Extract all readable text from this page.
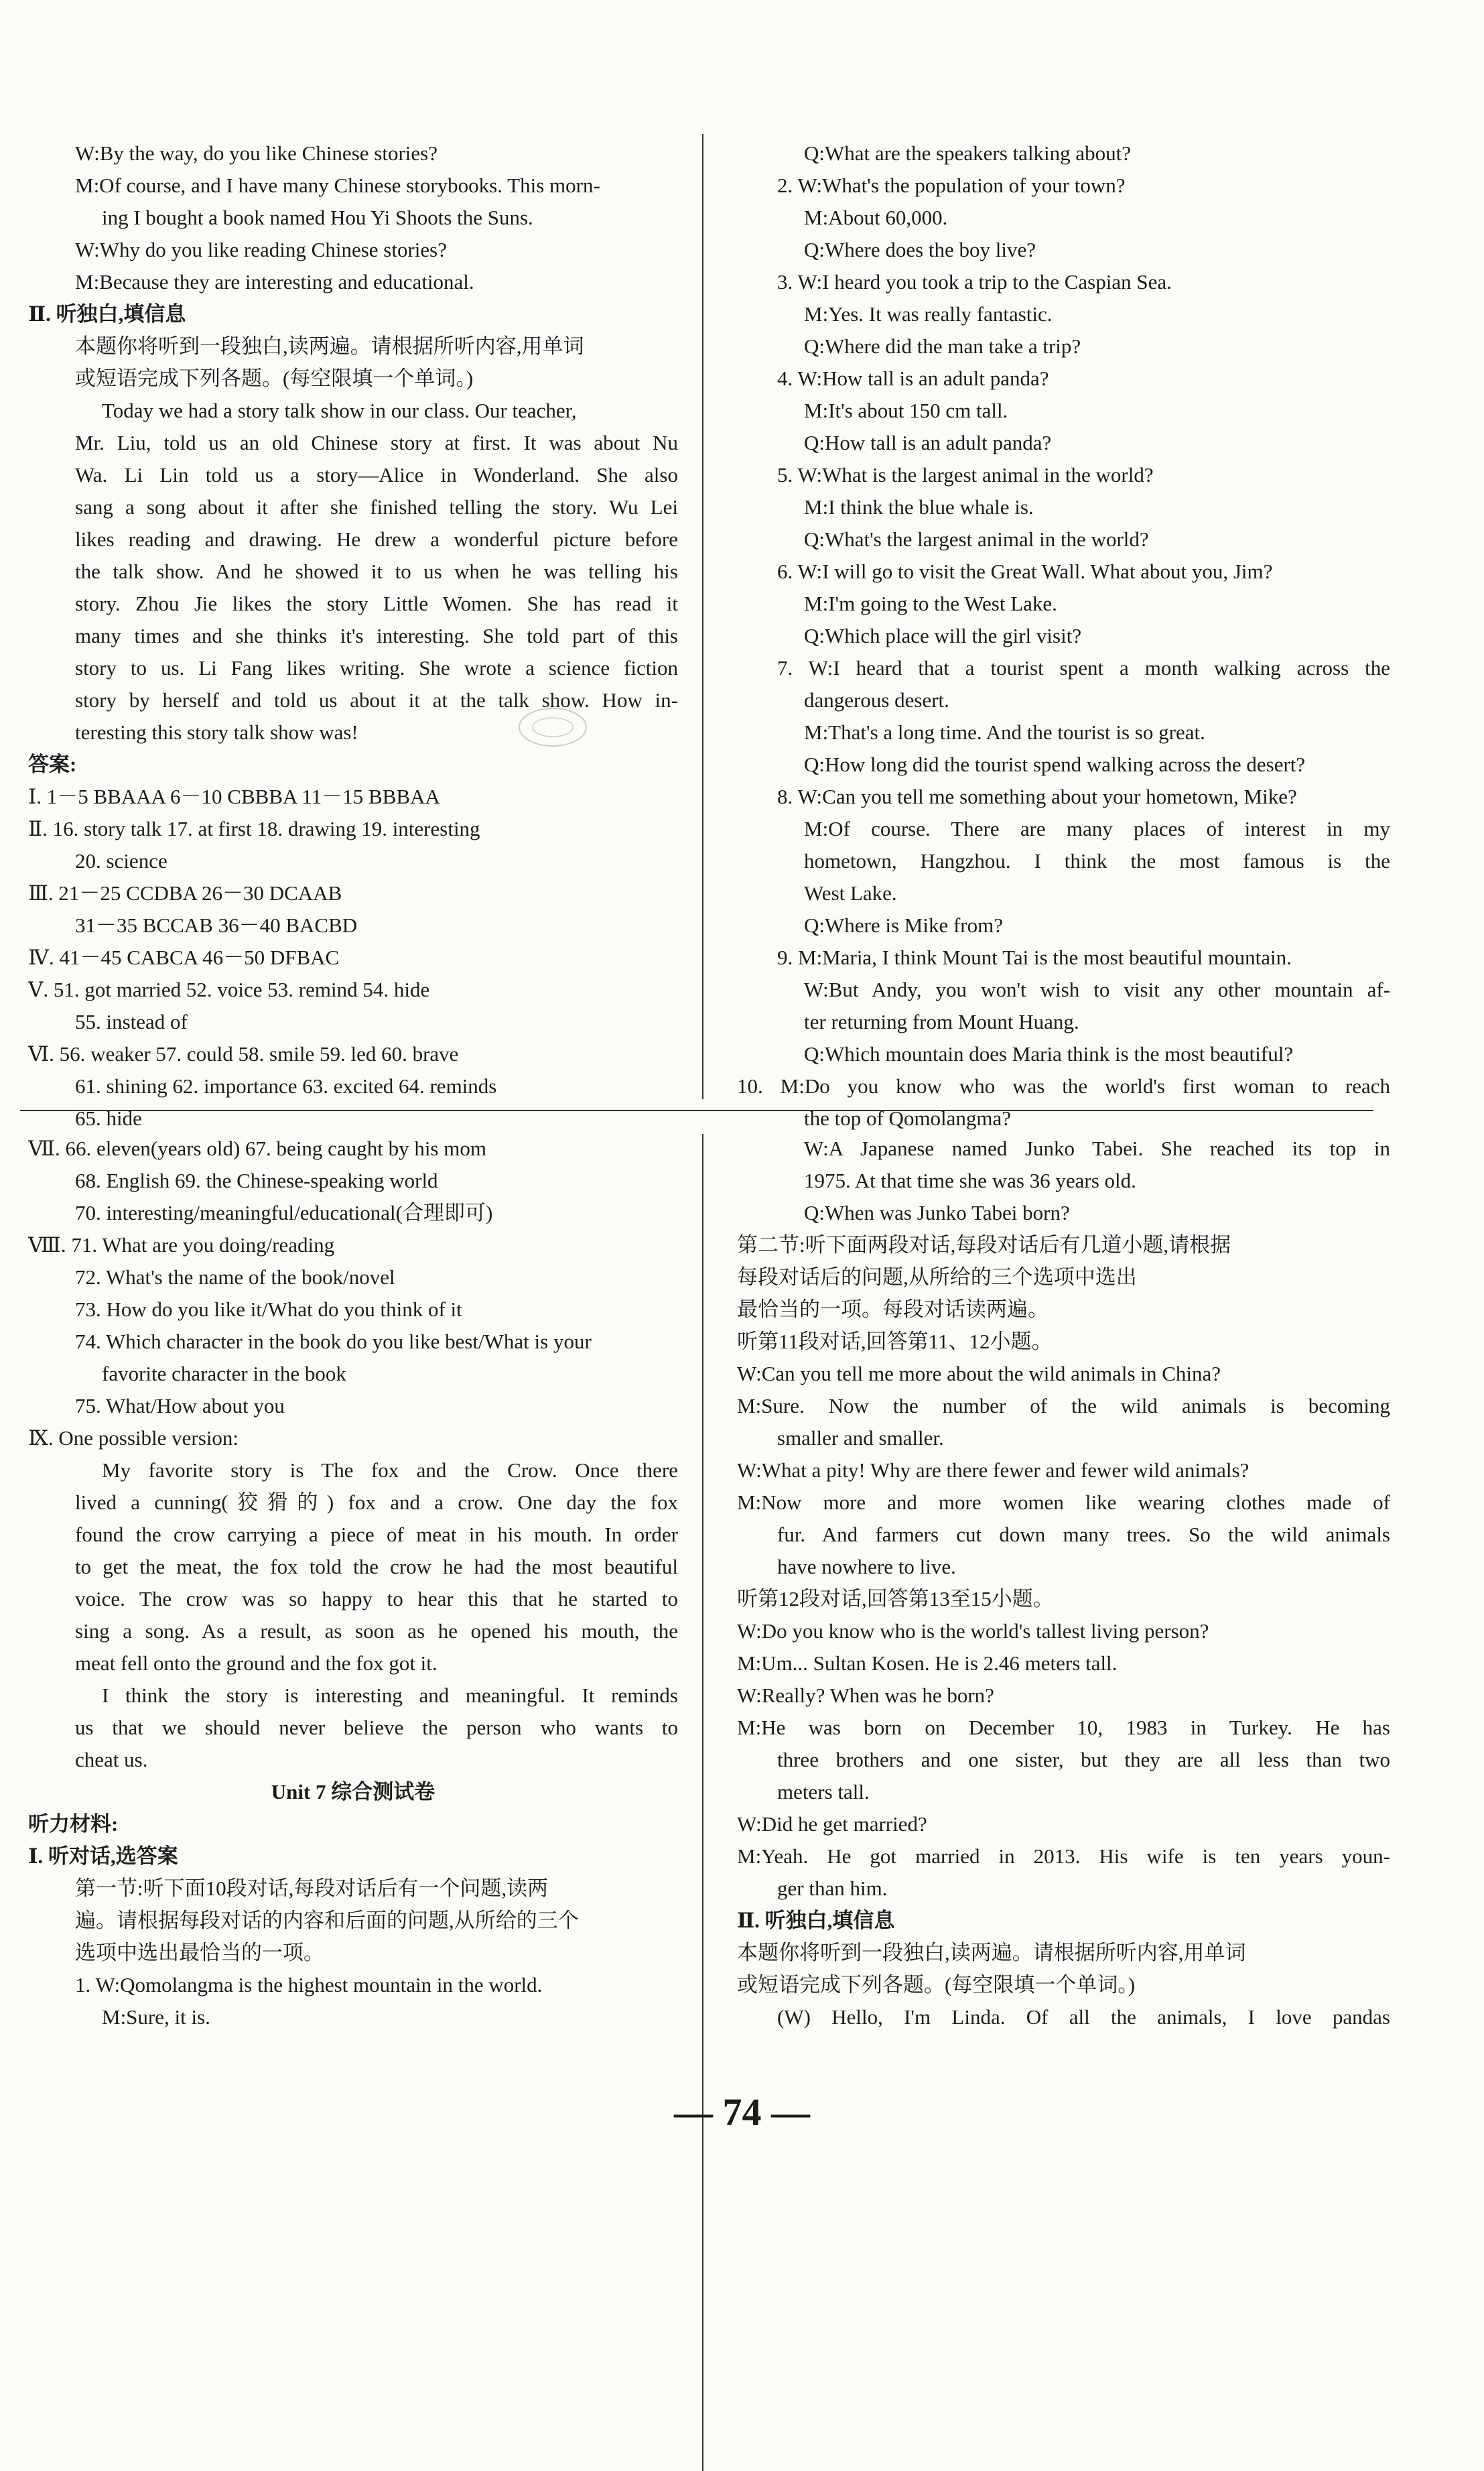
W:By the way, do you like Chinese stories?
M:Of course, and I have many Chinese storybooks. This morn-
ing I bought a book named Hou Yi Shoots the Suns.
W:Why do you like reading Chinese stories?
M:Because they are interesting and educational.
Ⅱ. 听独白,填信息
本题你将听到一段独白,读两遍。请根据所听内容,用单词
或短语完成下列各题。(每空限填一个单词。)
Today we had a story talk show in our class. Our teacher,
Mr. Liu, told us an old Chinese story at first. It was about Nu
Wa. Li Lin told us a story—Alice in Wonderland. She also
sang a song about it after she finished telling the story. Wu Lei
likes reading and drawing. He drew a wonderful picture before
the talk show. And he showed it to us when he was telling his
story. Zhou Jie likes the story Little Women. She has read it
many times and she thinks it's interesting. She told part of this
story to us. Li Fang likes writing. She wrote a science fiction
story by herself and told us about it at the talk show. How in-
teresting this story talk show was!
答案:
Ⅰ. 1－5 BBAAA 6－10 CBBBA 11－15 BBBAA
Ⅱ. 16. story talk 17. at first 18. drawing 19. interesting
20. science
Ⅲ. 21－25 CCDBA 26－30 DCAAB
31－35 BCCAB 36－40 BACBD
Ⅳ. 41－45 CABCA 46－50 DFBAC
Ⅴ. 51. got married 52. voice 53. remind 54. hide
55. instead of
Ⅵ. 56. weaker 57. could 58. smile 59. led 60. brave
61. shining 62. importance 63. excited 64. reminds
65. hide
Ⅶ. 66. eleven(years old) 67. being caught by his mom
68. English 69. the Chinese-speaking world
70. interesting/meaningful/educational(合理即可)
Ⅷ. 71. What are you doing/reading
72. What's the name of the book/novel
73. How do you like it/What do you think of it
74. Which character in the book do you like best/What is your
favorite character in the book
75. What/How about you
Ⅸ. One possible version:
My favorite story is The fox and the Crow. Once there
lived a cunning(狡猾的) fox and a crow. One day the fox
found the crow carrying a piece of meat in his mouth. In order
to get the meat, the fox told the crow he had the most beautiful
voice. The crow was so happy to hear this that he started to
sing a song. As a result, as soon as he opened his mouth, the
meat fell onto the ground and the fox got it.
I think the story is interesting and meaningful. It reminds
us that we should never believe the person who wants to
cheat us.
Unit 7 综合测试卷
听力材料:
Ⅰ. 听对话,选答案
第一节:听下面10段对话,每段对话后有一个问题,读两
遍。请根据每段对话的内容和后面的问题,从所给的三个
选项中选出最恰当的一项。
1. W:Qomolangma is the highest mountain in the world.
M:Sure, it is.
Q:What are the speakers talking about?
2. W:What's the population of your town?
M:About 60,000.
Q:Where does the boy live?
3. W:I heard you took a trip to the Caspian Sea.
M:Yes. It was really fantastic.
Q:Where did the man take a trip?
4. W:How tall is an adult panda?
M:It's about 150 cm tall.
Q:How tall is an adult panda?
5. W:What is the largest animal in the world?
M:I think the blue whale is.
Q:What's the largest animal in the world?
6. W:I will go to visit the Great Wall. What about you, Jim?
M:I'm going to the West Lake.
Q:Which place will the girl visit?
7. W:I heard that a tourist spent a month walking across the
dangerous desert.
M:That's a long time. And the tourist is so great.
Q:How long did the tourist spend walking across the desert?
8. W:Can you tell me something about your hometown, Mike?
M:Of course. There are many places of interest in my
hometown, Hangzhou. I think the most famous is the
West Lake.
Q:Where is Mike from?
9. M:Maria, I think Mount Tai is the most beautiful mountain.
W:But Andy, you won't wish to visit any other mountain af-
ter returning from Mount Huang.
Q:Which mountain does Maria think is the most beautiful?
10. M:Do you know who was the world's first woman to reach
the top of Qomolangma?
W:A Japanese named Junko Tabei. She reached its top in
1975. At that time she was 36 years old.
Q:When was Junko Tabei born?
第二节:听下面两段对话,每段对话后有几道小题,请根据
每段对话后的问题,从所给的三个选项中选出
最恰当的一项。每段对话读两遍。
听第11段对话,回答第11、12小题。
W:Can you tell me more about the wild animals in China?
M:Sure. Now the number of the wild animals is becoming
smaller and smaller.
W:What a pity! Why are there fewer and fewer wild animals?
M:Now more and more women like wearing clothes made of
fur. And farmers cut down many trees. So the wild animals
have nowhere to live.
听第12段对话,回答第13至15小题。
W:Do you know who is the world's tallest living person?
M:Um... Sultan Kosen. He is 2.46 meters tall.
W:Really? When was he born?
M:He was born on December 10, 1983 in Turkey. He has
three brothers and one sister, but they are all less than two
meters tall.
W:Did he get married?
M:Yeah. He got married in 2013. His wife is ten years youn-
ger than him.
Ⅱ. 听独白,填信息
本题你将听到一段独白,读两遍。请根据所听内容,用单词
或短语完成下列各题。(每空限填一个单词。)
(W) Hello, I'm Linda. Of all the animals, I love pandas
— 74 —
